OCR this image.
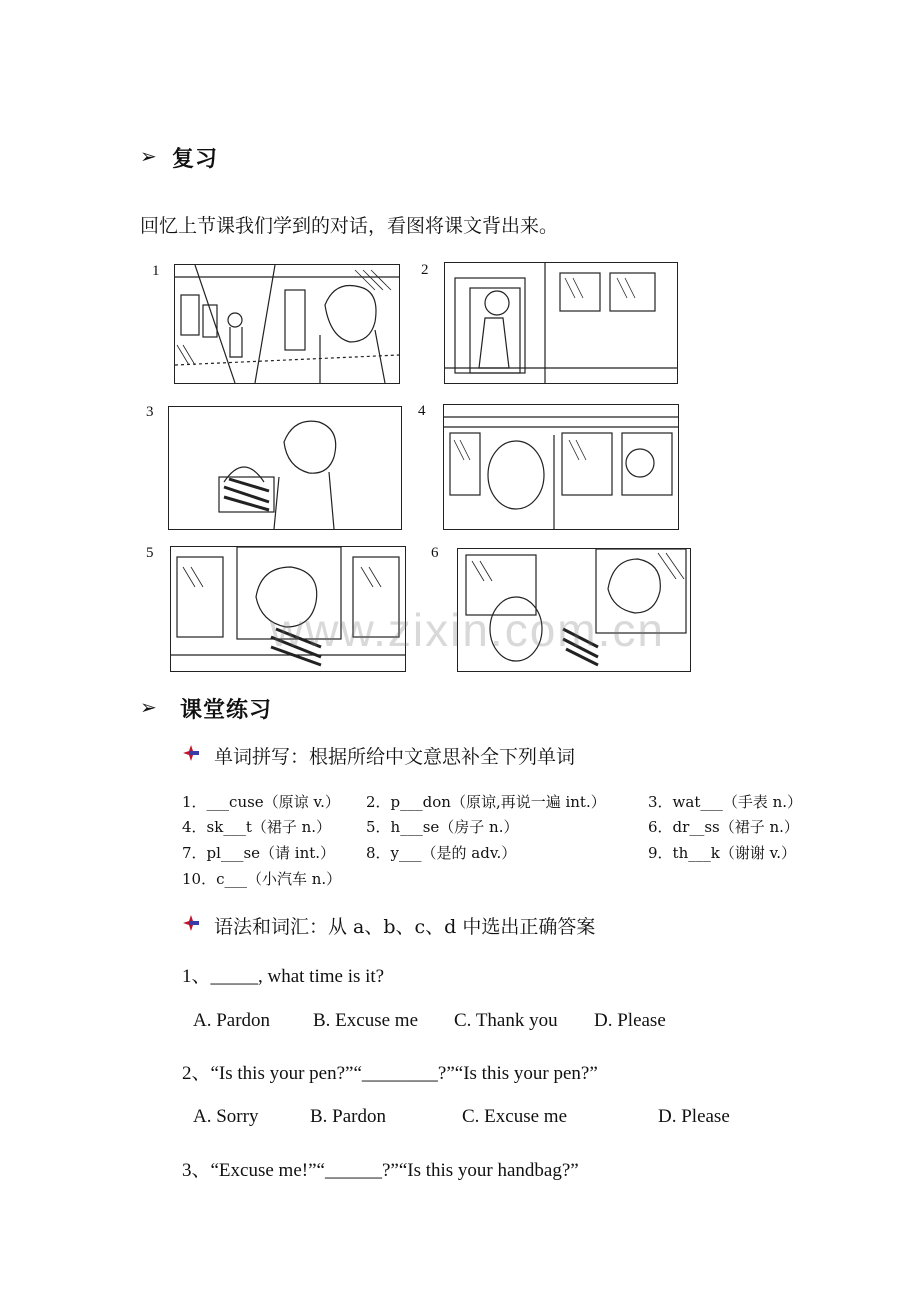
➢ 复习
回忆上节课我们学到的对话，看图将课文背出来。
1	2
3	4
5	6
www.zixin.com.cn
➢ 课堂练习
单词拼写：根据所给中文意思补全下列单词
1．___cuse（原谅 v.） 2．p___don（原谅,再说一遍 int.）	3．wat___（手表 n.）
4．sk___t（裙子 n.） 5．h___se（房子 n.）	6．dr__ss（裙子 n.）
7．pl___se（请 int.） 8．y___（是的 adv.）	9．th___k（谢谢 v.）
10．c___（小汽车 n.）
语法和词汇：从 a、b、c、d 中选出正确答案
1、_____, what time is it?
A. Pardon B. Excuse me C. Thank you D. Please
2、“Is this your pen?”“________?”“Is this your pen?”
A. Sorry	B. Pardon	C. Excuse me	D. Please
3、“Excuse me!”“______?”“Is this your handbag?”
